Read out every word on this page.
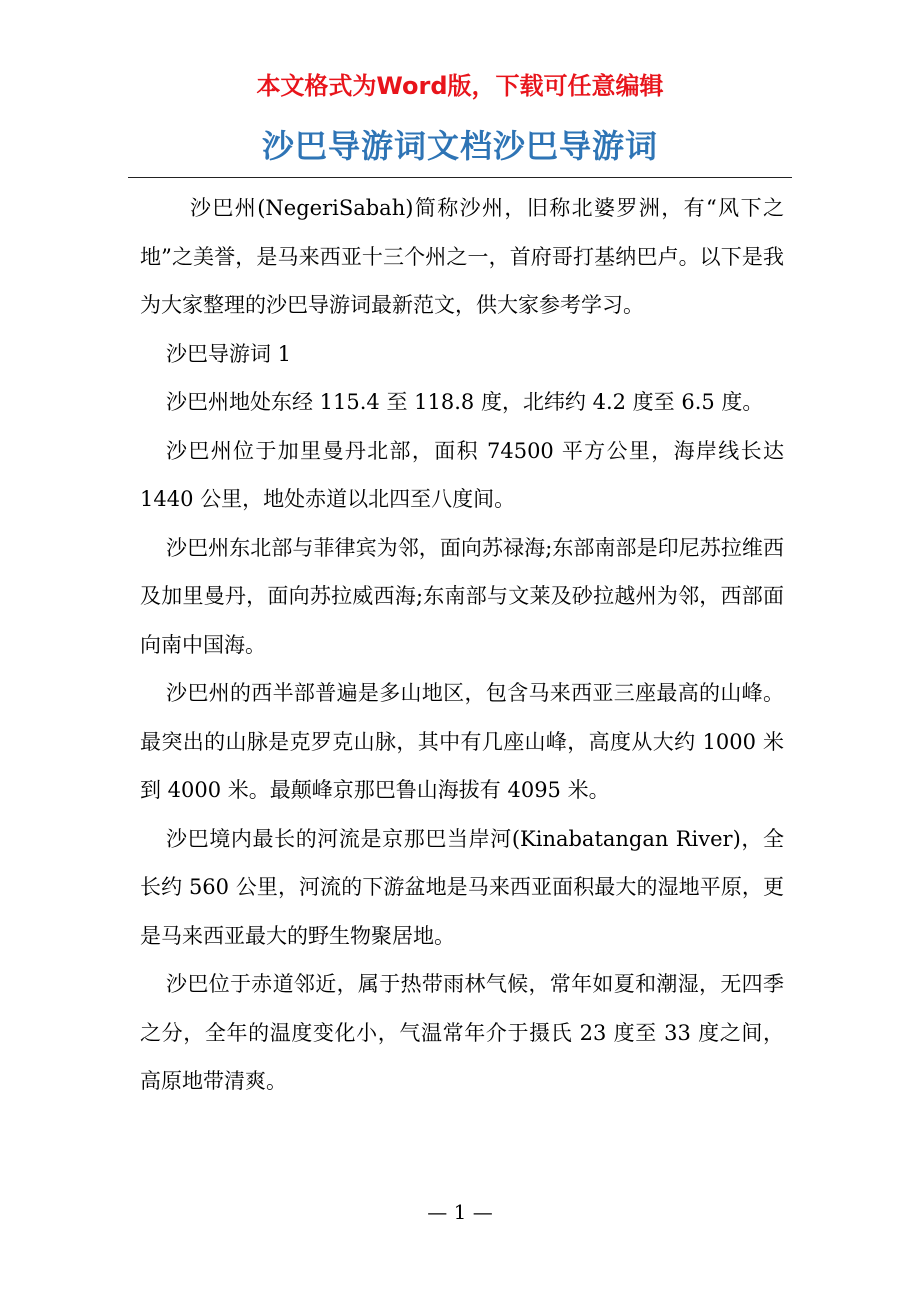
本文格式为Word版，下载可任意编辑
沙巴导游词文档沙巴导游词

沙巴州(NegeriSabah)简称沙州，旧称北婆罗洲，有“风下之地”之美誉，是马来西亚十三个州之一，首府哥打基纳巴卢。以下是我为大家整理的沙巴导游词最新范文，供大家参考学习。

沙巴导游词 1

沙巴州地处东经 115.4 至 118.8 度，北纬约 4.2 度至 6.5 度。

沙巴州位于加里曼丹北部，面积 74500 平方公里，海岸线长达 1440 公里，地处赤道以北四至八度间。

沙巴州东北部与菲律宾为邻，面向苏禄海;东部南部是印尼苏拉维西及加里曼丹，面向苏拉威西海;东南部与文莱及砂拉越州为邻，西部面向南中国海。

沙巴州的西半部普遍是多山地区，包含马来西亚三座最高的山峰。最突出的山脉是克罗克山脉，其中有几座山峰，高度从大约 1000 米到 4000 米。最颠峰京那巴鲁山海拔有 4095 米。

沙巴境内最长的河流是京那巴当岸河(Kinabatangan River)，全长约 560 公里，河流的下游盆地是马来西亚面积最大的湿地平原，更是马来西亚最大的野生物聚居地。

沙巴位于赤道邻近，属于热带雨林气候，常年如夏和潮湿，无四季之分，全年的温度变化小，气温常年介于摄氏 23 度至 33 度之间，高原地带清爽。

— 1 —
